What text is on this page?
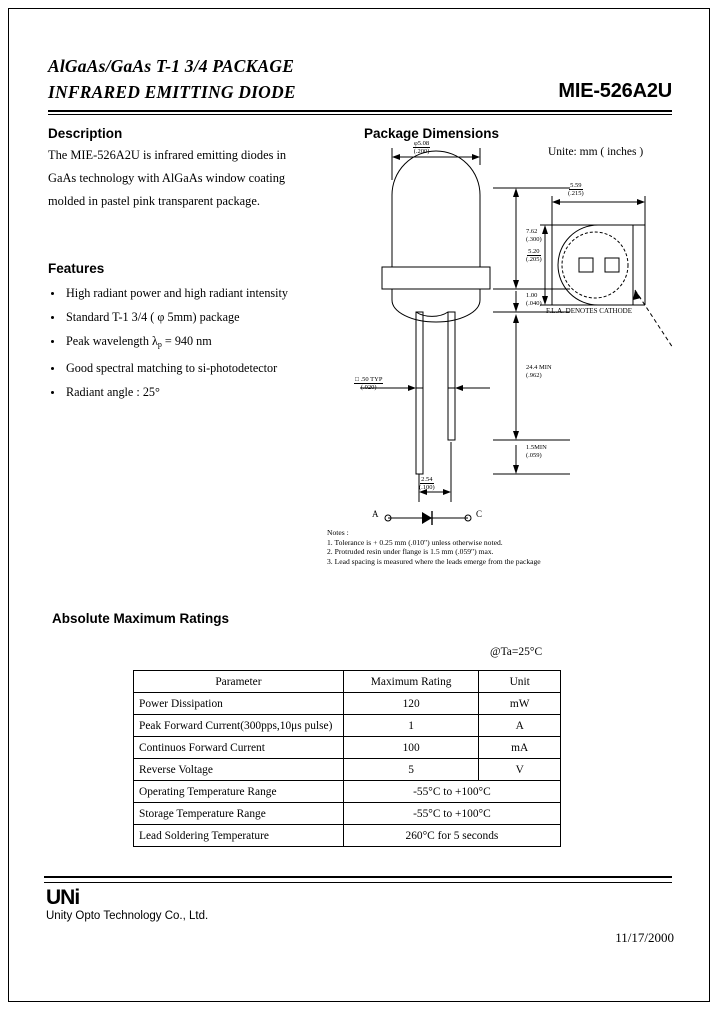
AlGaAs/GaAs T-1 3/4 PACKAGE
INFRARED EMITTING DIODE	MIE-526A2U
Description

The MIE-526A2U is infrared emitting diodes in

GaAs technology with AlGaAs window coating

molded in pastel pink transparent package.

Features
High radiant power and high radiant intensity
Standard T-1 3/4 ( φ 5mm) package
Peak wavelength $\lambda_p = 940$ nm
Good spectral matching to si-photodetector
Radiant angle : 25°
Package Dimensions
Unite: mm ( inches )
φ5.08
(.200)
7.62
(.300)
1.00
(.040)
24.4 MIN
(.962)
1.5MIN
(.059)
□ .50 TYP
(.020)
2.54
(.100)
A	C
5.59
(.215)
5.20
(.205)
F.L.A. DENOTES CATHODE
Notes :
1. Tolerance is + 0.25 mm (.010") unless otherwise noted.
2. Protruded resin under flange is 1.5 mm (.059") max.
3. Lead spacing is measured where the leads emerge from the package
Absolute Maximum Ratings
@Ta=25°C
Parameter	Maximum Rating	Unit
Power Dissipation	120	mW
Peak Forward Current(300pps,10μs pulse)	1	A
Continuos Forward Current	100	mA
Reverse Voltage	5	V
Operating Temperature Range	-55°C to +100°C	
Storage Temperature Range	-55°C to +100°C	
Lead Soldering Temperature	260°C for 5 seconds	
UNi
Unity Opto Technology Co., Ltd.
11/17/2000
